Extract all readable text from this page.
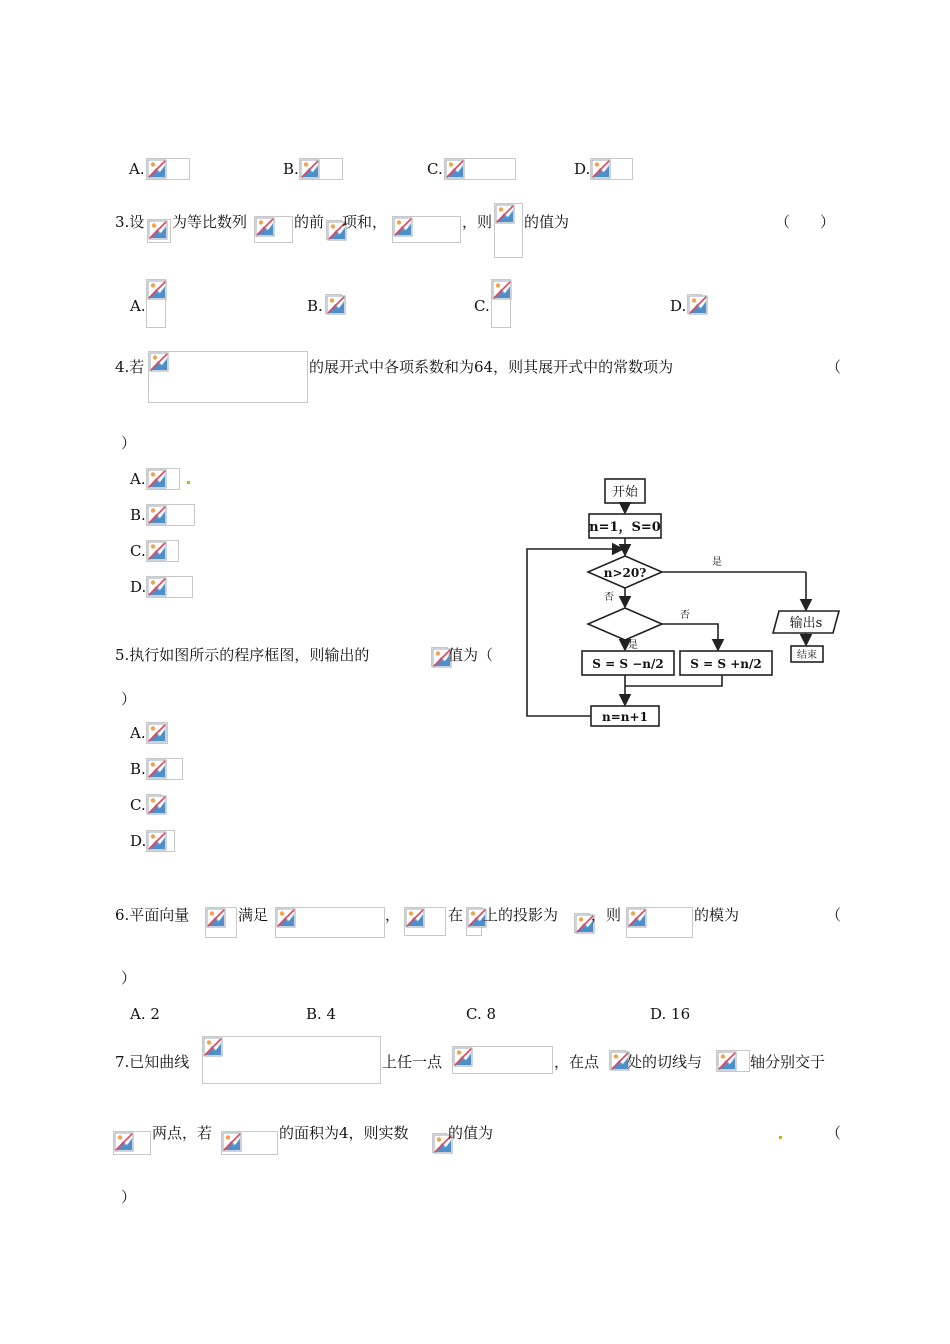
A.	B.	C.	D.
3.设 为等比数列	的前 项和，	，则 的值为	（　　）
A.	B.	C.	D.
4.若	的展开式中各项系数和为64，则其展开式中的常数项为	（
）
A.
B.
C.
D.
开始
n=1，S=0
n>20?
是
否
否
是
S = S −n/2 S = S +n/2
n=n+1
输出s
结束
5.执行如图所示的程序框图，则输出的	值为（
）
A.
B.
C.
D.
6.平面向量	满足	，	在 上的投影为 ，则	的模为	（
）
A. 2	B. 4	C. 8	D. 16
7.已知曲线	上任一点	，在点 处的切线与	轴分别交于
两点，若	的面积为4，则实数	的值为	（
）
